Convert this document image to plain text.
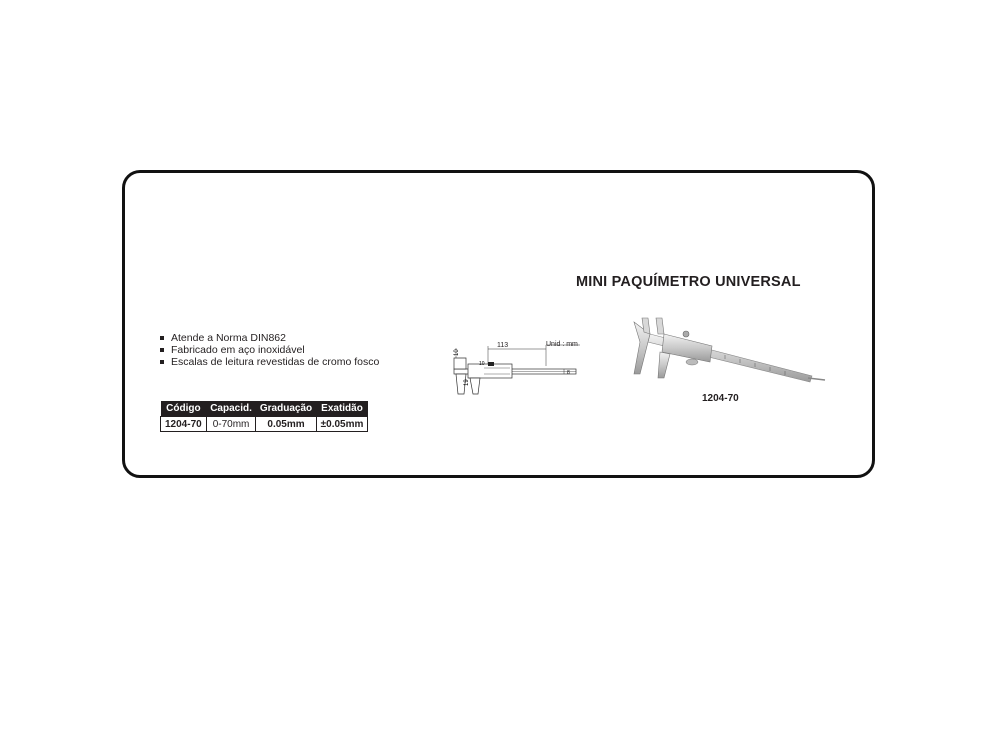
MINI PAQUÍMETRO UNIVERSAL
Atende a Norma DIN862
Fabricado em aço inoxidável
Escalas de leitura revestidas de cromo fosco
Código	Capacid.	Graduação	Exatidão
1204-70	0-70mm	0.05mm	±0.05mm
10
19
10
8
113	Unid : mm
1204-70
